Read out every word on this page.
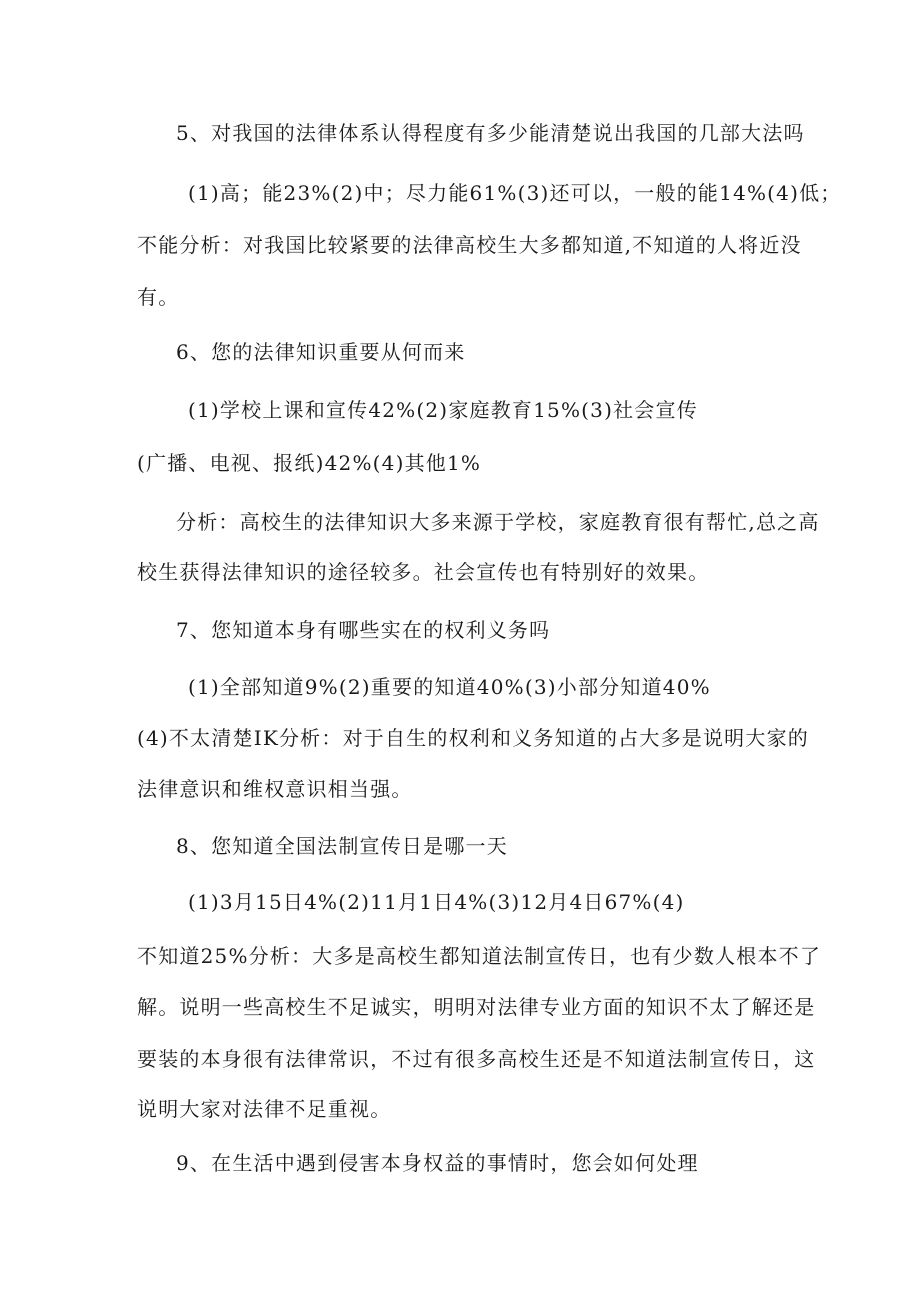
5、对我国的法律体系认得程度有多少能清楚说出我国的几部大法吗
(1)高；能23%(2)中；尽力能61%(3)还可以，一般的能14%(4)低；
不能分析：对我国比较紧要的法律高校生大多都知道,不知道的人将近没
有。
6、您的法律知识重要从何而来
(1)学校上课和宣传42%(2)家庭教育15%(3)社会宣传
(广播、电视、报纸)42%(4)其他1%
分析：高校生的法律知识大多来源于学校，家庭教育很有帮忙,总之高
校生获得法律知识的途径较多。社会宣传也有特别好的效果。
7、您知道本身有哪些实在的权利义务吗
(1)全部知道9%(2)重要的知道40%(3)小部分知道40%
(4)不太清楚IK分析：对于自生的权利和义务知道的占大多是说明大家的
法律意识和维权意识相当强。
8、您知道全国法制宣传日是哪一天
(1)3月15日4%(2)11月1日4%(3)12月4日67%(4)
不知道25%分析：大多是高校生都知道法制宣传日，也有少数人根本不了
解。说明一些高校生不足诚实，明明对法律专业方面的知识不太了解还是
要装的本身很有法律常识，不过有很多高校生还是不知道法制宣传日，这
说明大家对法律不足重视。
9、在生活中遇到侵害本身权益的事情时，您会如何处理
